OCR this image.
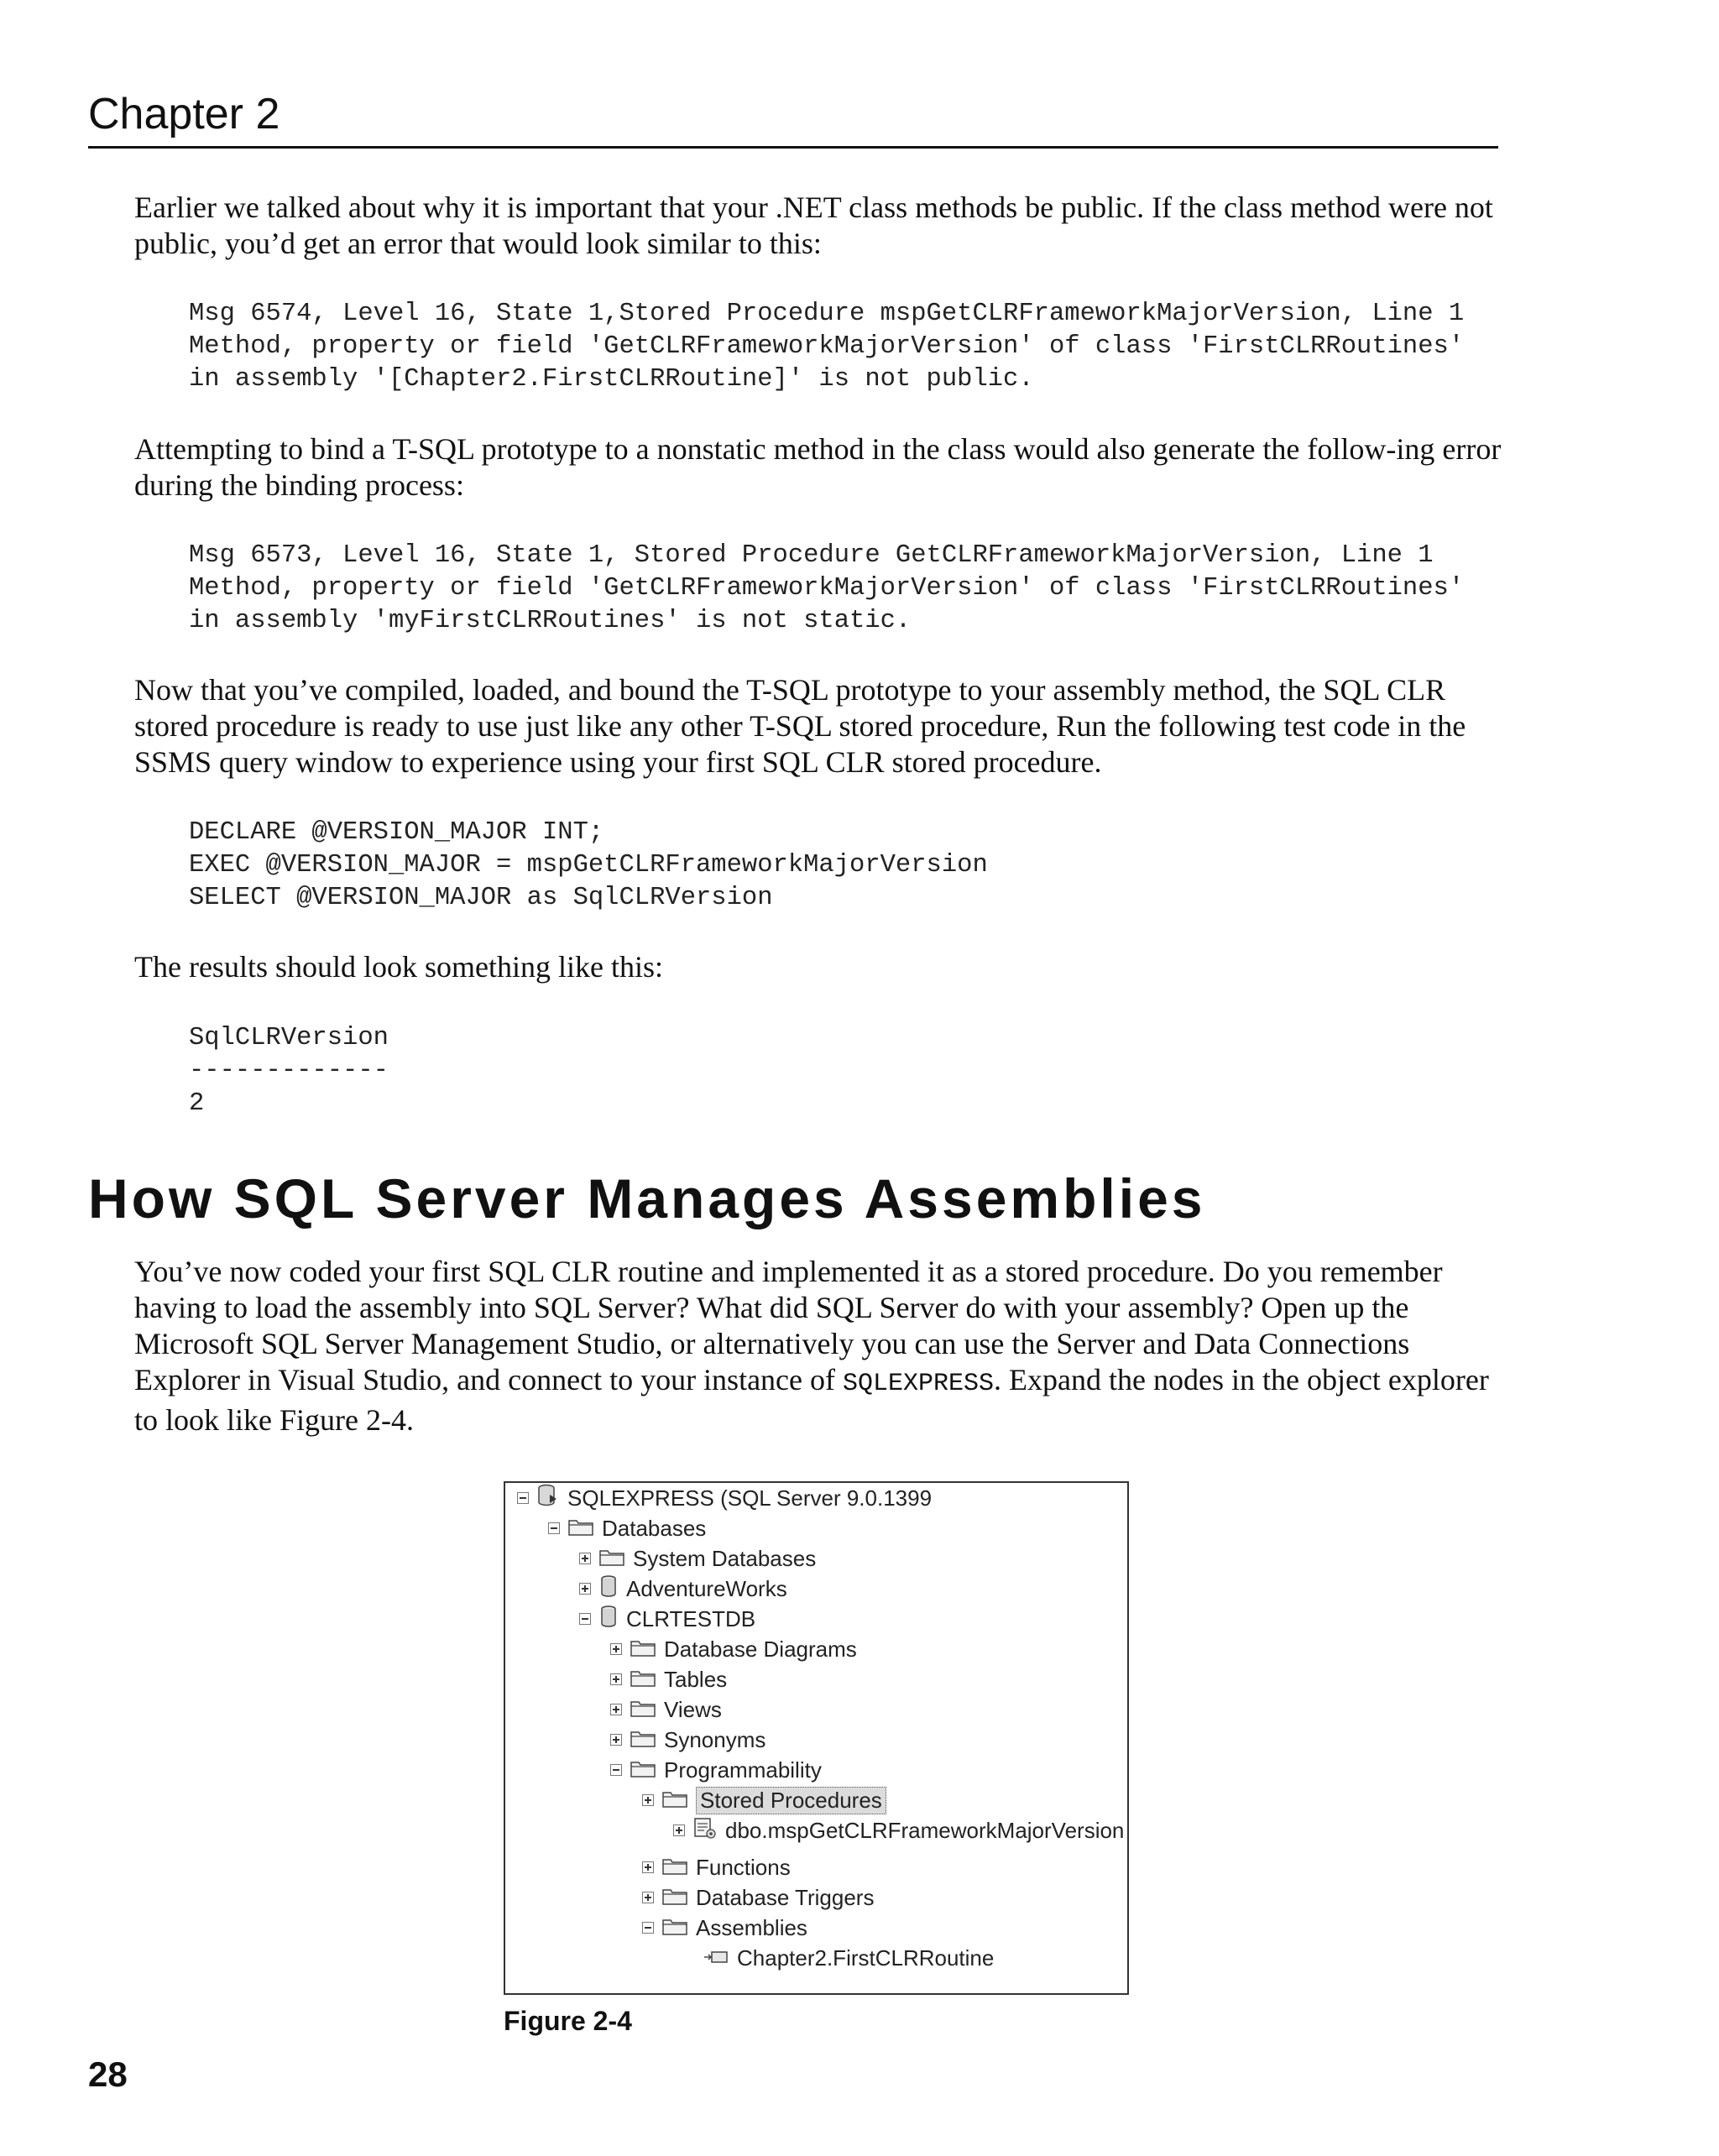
Chapter 2

Earlier we talked about why it is important that your .NET class methods be public. If the class method were not public, you’d get an error that would look similar to this:

Msg 6574, Level 16, State 1,Stored Procedure mspGetCLRFrameworkMajorVersion, Line 1
Method, property or field 'GetCLRFrameworkMajorVersion' of class 'FirstCLRRoutines'
in assembly '[Chapter2.FirstCLRRoutine]' is not public.

Attempting to bind a T-SQL prototype to a nonstatic method in the class would also generate the follow-ing error during the binding process:

Msg 6573, Level 16, State 1, Stored Procedure GetCLRFrameworkMajorVersion, Line 1
Method, property or field 'GetCLRFrameworkMajorVersion' of class 'FirstCLRRoutines'
in assembly 'myFirstCLRRoutines' is not static.

Now that you’ve compiled, loaded, and bound the T-SQL prototype to your assembly method, the SQL CLR stored procedure is ready to use just like any other T-SQL stored procedure, Run the following test code in the SSMS query window to experience using your first SQL CLR stored procedure.

DECLARE @VERSION_MAJOR INT;
EXEC @VERSION_MAJOR = mspGetCLRFrameworkMajorVersion
SELECT @VERSION_MAJOR as SqlCLRVersion

The results should look something like this:

SqlCLRVersion
-------------
2
How SQL Server Manages Assemblies

You’ve now coded your first SQL CLR routine and implemented it as a stored procedure. Do you remember having to load the assembly into SQL Server? What did SQL Server do with your assembly? Open up the Microsoft SQL Server Management Studio, or alternatively you can use the Server and Data Connections Explorer in Visual Studio, and connect to your instance of SQLEXPRESS. Expand the nodes in the object explorer to look like Figure 2-4.

SQLEXPRESS (SQL Server 9.0.1399
Databases
System Databases
AdventureWorks
CLRTESTDB
Database Diagrams
Tables
Views
Synonyms
Programmability
Stored Procedures
dbo.mspGetCLRFrameworkMajorVersion
Functions
Database Triggers
Assemblies
Chapter2.FirstCLRRoutine
Figure 2-4
28
